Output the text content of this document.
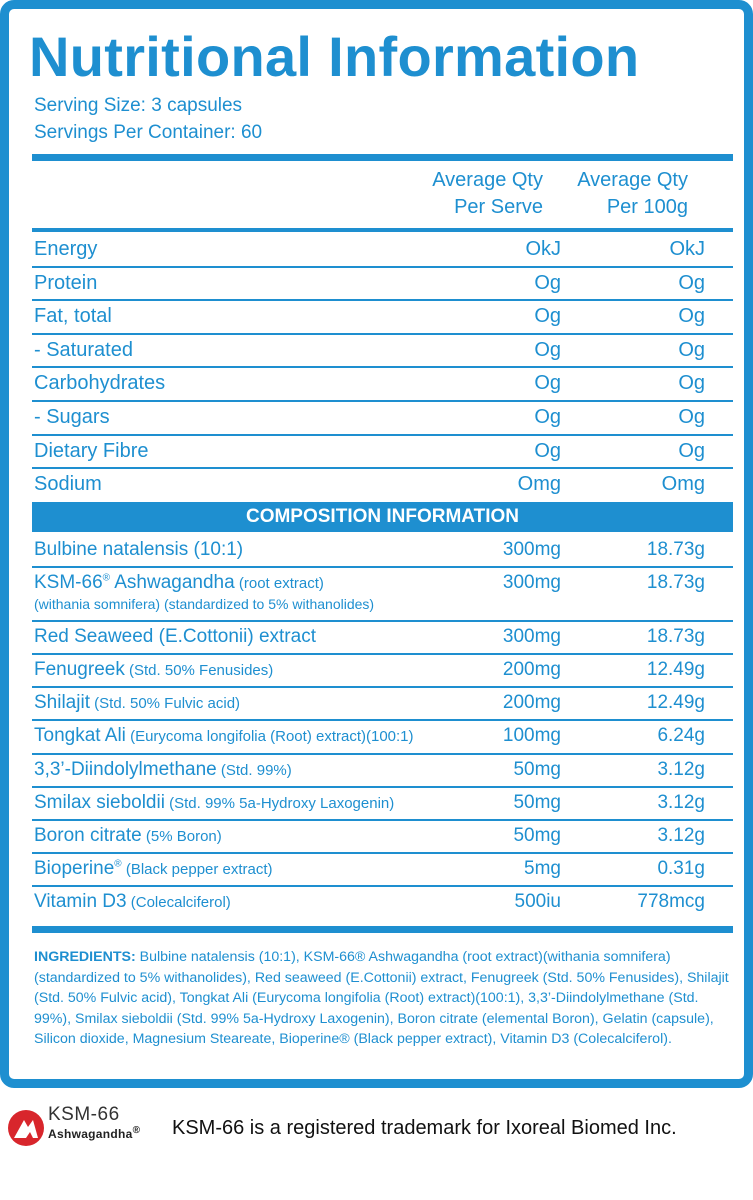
Nutritional Information
Serving Size: 3 capsules
Servings Per Container: 60
Average Qty
Per Serve
Average Qty
Per 100g
Energy	OkJ	OkJ
Protein	Og	Og
Fat, total	Og	Og
- Saturated	Og	Og
Carbohydrates	Og	Og
- Sugars	Og	Og
Dietary Fibre	Og	Og
Sodium	Omg	Omg
COMPOSITION INFORMATION
Bulbine natalensis (10:1)	300mg	18.73g
KSM-66® Ashwagandha (root extract)
(withania somnifera) (standardized to 5% withanolides)
300mg	18.73g
Red Seaweed (E.Cottonii) extract	300mg	18.73g
Fenugreek (Std. 50% Fenusides)	200mg	12.49g
Shilajit (Std. 50% Fulvic acid)	200mg	12.49g
Tongkat Ali (Eurycoma longifolia (Root) extract)(100:1)	100mg	6.24g
3,3’-Diindolylmethane (Std. 99%)	50mg	3.12g
Smilax sieboldii (Std. 99% 5a-Hydroxy Laxogenin)	50mg	3.12g
Boron citrate (5% Boron)	50mg	3.12g
Bioperine® (Black pepper extract)	5mg	0.31g
Vitamin D3 (Colecalciferol)	500iu	778mcg
INGREDIENTS: Bulbine natalensis (10:1), KSM-66® Ashwagandha (root extract)(withania somnifera) (standardized to 5% withanolides), Red seaweed (E.Cottonii) extract, Fenugreek (Std. 50% Fenusides), Shilajit (Std. 50% Fulvic acid), Tongkat Ali (Eurycoma longifolia (Root) extract)(100:1), 3,3’-Diindolylmethane (Std. 99%), Smilax sieboldii (Std. 99% 5a-Hydroxy Laxogenin), Boron citrate (elemental Boron), Gelatin (capsule), Silicon dioxide, Magnesium Steareate, Bioperine® (Black pepper extract), Vitamin D3 (Colecalciferol).
KSM-66
Ashwagandha® KSM-66 is a registered trademark for Ixoreal Biomed Inc.
